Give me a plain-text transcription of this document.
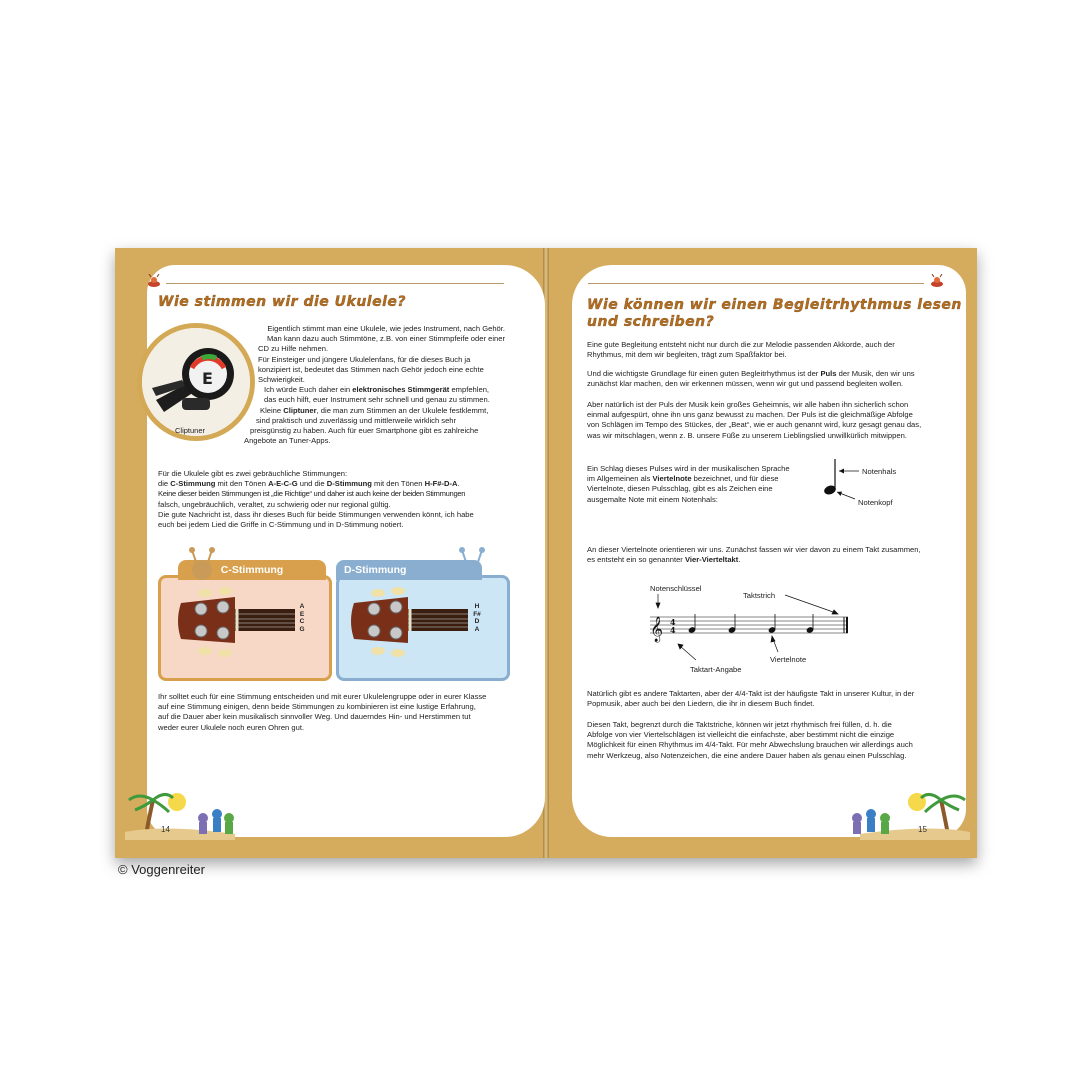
Wie stimmen wir die Ukulele?
E
Cliptuner

Eigentlich stimmt man eine Ukulele, wie jedes Instrument, nach Gehör.

Man kann dazu auch Stimmtöne, z.B. von einer Stimmpfeife oder einer

CD zu Hilfe nehmen.

Für Einsteiger und jüngere Ukulelenfans, für die dieses Buch ja

konzipiert ist, bedeutet das Stimmen nach Gehör jedoch eine echte

Schwierigkeit.

Ich würde Euch daher ein elektronisches Stimmgerät empfehlen,

das euch hilft, euer Instrument sehr schnell und genau zu stimmen.

Kleine Cliptuner, die man zum Stimmen an der Ukulele festklemmt,

sind praktisch und zuverlässig und mittlerweile wirklich sehr

preisgünstig zu haben. Auch für euer Smartphone gibt es zahlreiche

Angebote an Tuner-Apps.

Für die Ukulele gibt es zwei gebräuchliche Stimmungen:

die C-Stimmung mit den Tönen A-E-C-G und die D-Stimmung mit den Tönen H-F#-D-A.

Keine dieser beiden Stimmungen ist „die Richtige“ und daher ist auch keine der beiden Stimmungen

falsch, ungebräuchlich, veraltet, zu schwierig oder nur regional gültig.

Die gute Nachricht ist, dass ihr dieses Buch für beide Stimmungen verwenden könnt, ich habe

euch bei jedem Lied die Griffe in C-Stimmung und in D-Stimmung notiert.

C-Stimmung
A
E
C
G
D-Stimmung
H
F#
D
A

Ihr solltet euch für eine Stimmung entscheiden und mit eurer Ukulelengruppe oder in eurer Klasse

auf eine Stimmung einigen, denn beide Stimmungen zu kombinieren ist eine lustige Erfahrung,

auf die Dauer aber kein musikalisch sinnvoller Weg. Und dauerndes Hin- und Herstimmen tut

weder eurer Ukulele noch euren Ohren gut.

14
Wie können wir einen Begleitrhythmus lesen
und schreiben?

Eine gute Begleitung entsteht nicht nur durch die zur Melodie passenden Akkorde, auch der

Rhythmus, mit dem wir begleiten, trägt zum Spaßfaktor bei.

Und die wichtigste Grundlage für einen guten Begleitrhythmus ist der Puls der Musik, den wir uns

zunächst klar machen, den wir erkennen müssen, wenn wir gut und passend begleiten wollen.

Aber natürlich ist der Puls der Musik kein großes Geheimnis, wir alle haben ihn sicherlich schon

einmal aufgespürt, ohne ihn uns ganz bewusst zu machen. Der Puls ist die gleichmäßige Abfolge

von Schlägen im Tempo des Stückes, der „Beat“, wie er auch genannt wird, kurz gesagt genau das,

was wir mitschlagen, wenn z. B. unsere Füße zu unserem Lieblingslied unwillkürlich mitwippen.

Ein Schlag dieses Pulses wird in der musikalischen Sprache

im Allgemeinen als Viertelnote bezeichnet, und für diese

Viertelnote, diesen Pulsschlag, gibt es als Zeichen eine

ausgemalte Note mit einem Notenhals:

Notenhals
Notenkopf

An dieser Viertelnote orientieren wir uns. Zunächst fassen wir vier davon zu einem Takt zusammen,

es entsteht ein so genannter Vier-Vierteltakt.

𝄞 4
4
Notenschlüssel
Taktstrich
Taktart-Angabe
Viertelnote

Natürlich gibt es andere Taktarten, aber der 4/4-Takt ist der häufigste Takt in unserer Kultur, in der

Popmusik, aber auch bei den Liedern, die ihr in diesem Buch findet.

Diesen Takt, begrenzt durch die Taktstriche, können wir jetzt rhythmisch frei füllen, d. h. die

Abfolge von vier Viertelschlägen ist vielleicht die einfachste, aber bestimmt nicht die einzige

Möglichkeit für einen Rhythmus im 4/4-Takt. Für mehr Abwechslung brauchen wir allerdings auch

mehr Werkzeug, also Notenzeichen, die eine andere Dauer haben als genau einen Pulsschlag.

15
© Voggenreiter
